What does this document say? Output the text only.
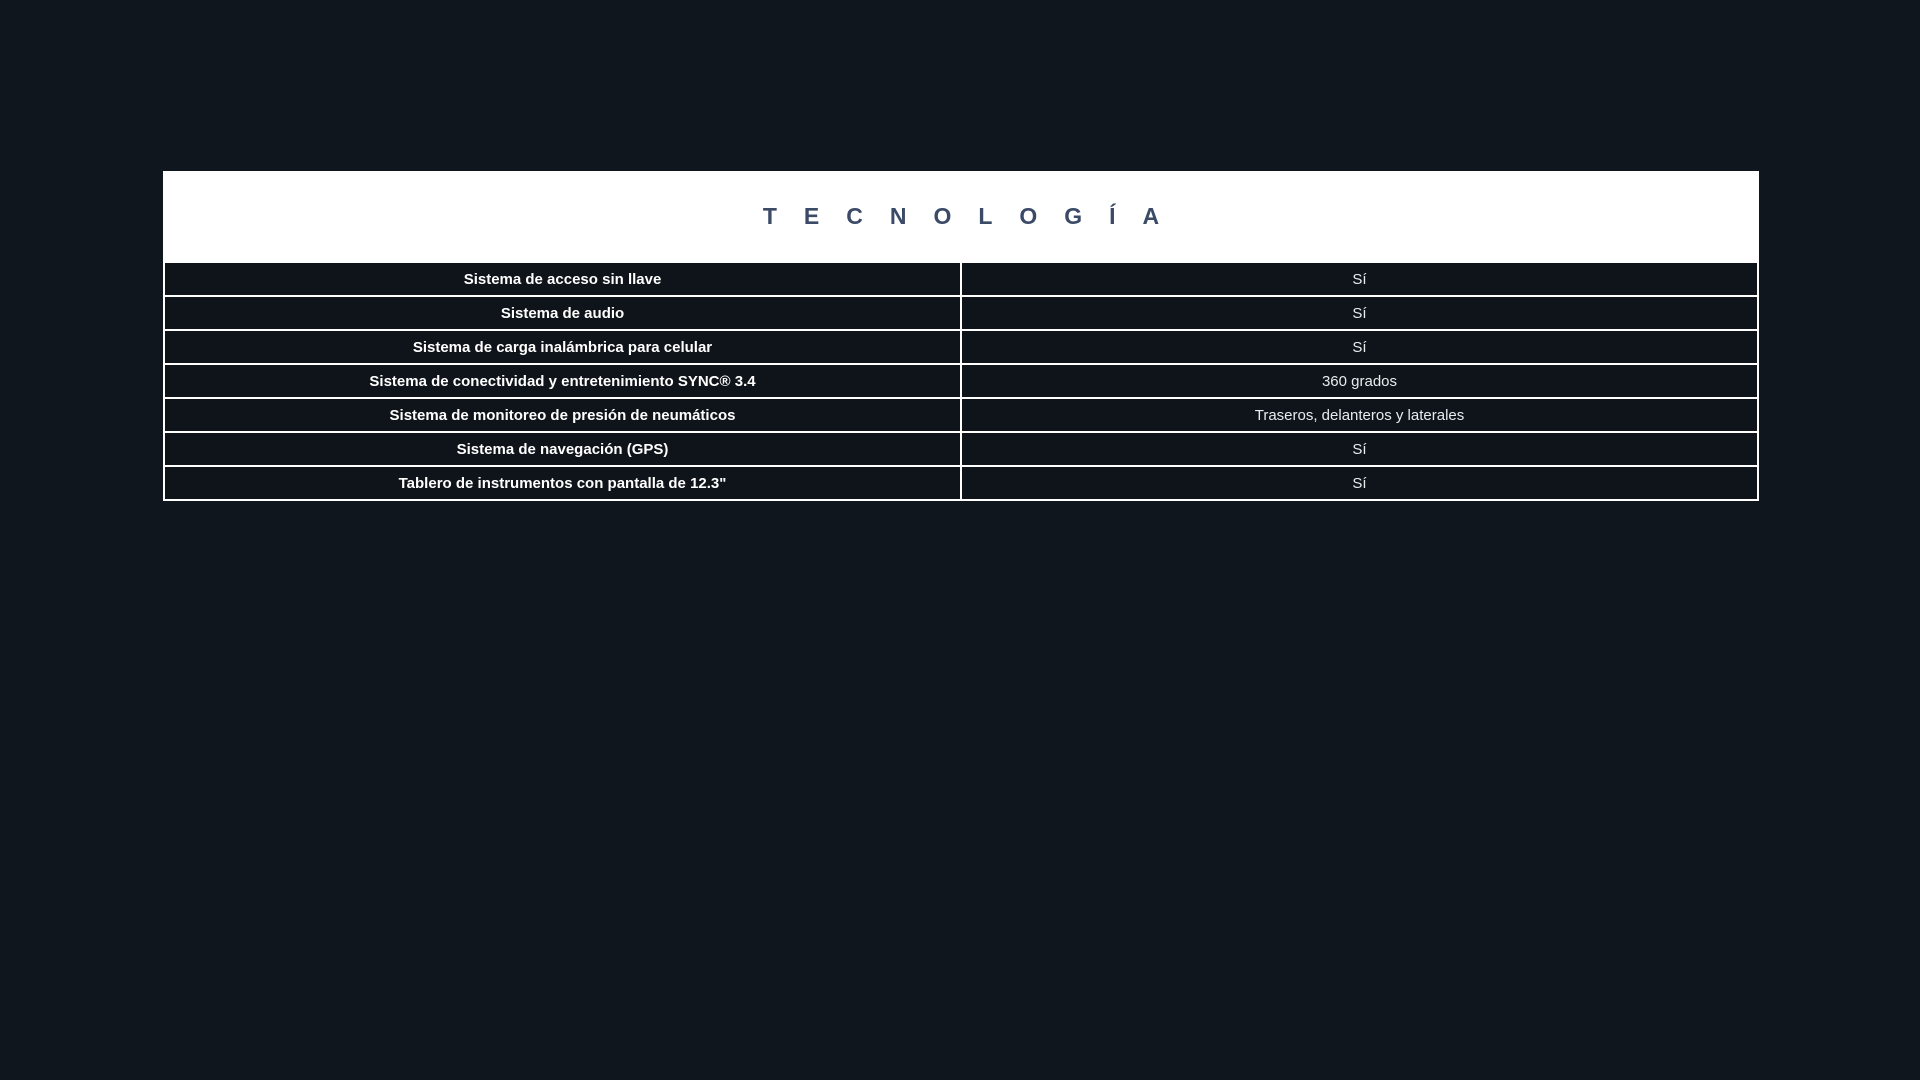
TECNOLOGÍA
Sistema de acceso sin llave	Sí
Sistema de audio	Sí
Sistema de carga inalámbrica para celular	Sí
Sistema de conectividad y entretenimiento SYNC® 3.4	360 grados
Sistema de monitoreo de presión de neumáticos	Traseros, delanteros y laterales
Sistema de navegación (GPS)	Sí
Tablero de instrumentos con pantalla de 12.3"	Sí
